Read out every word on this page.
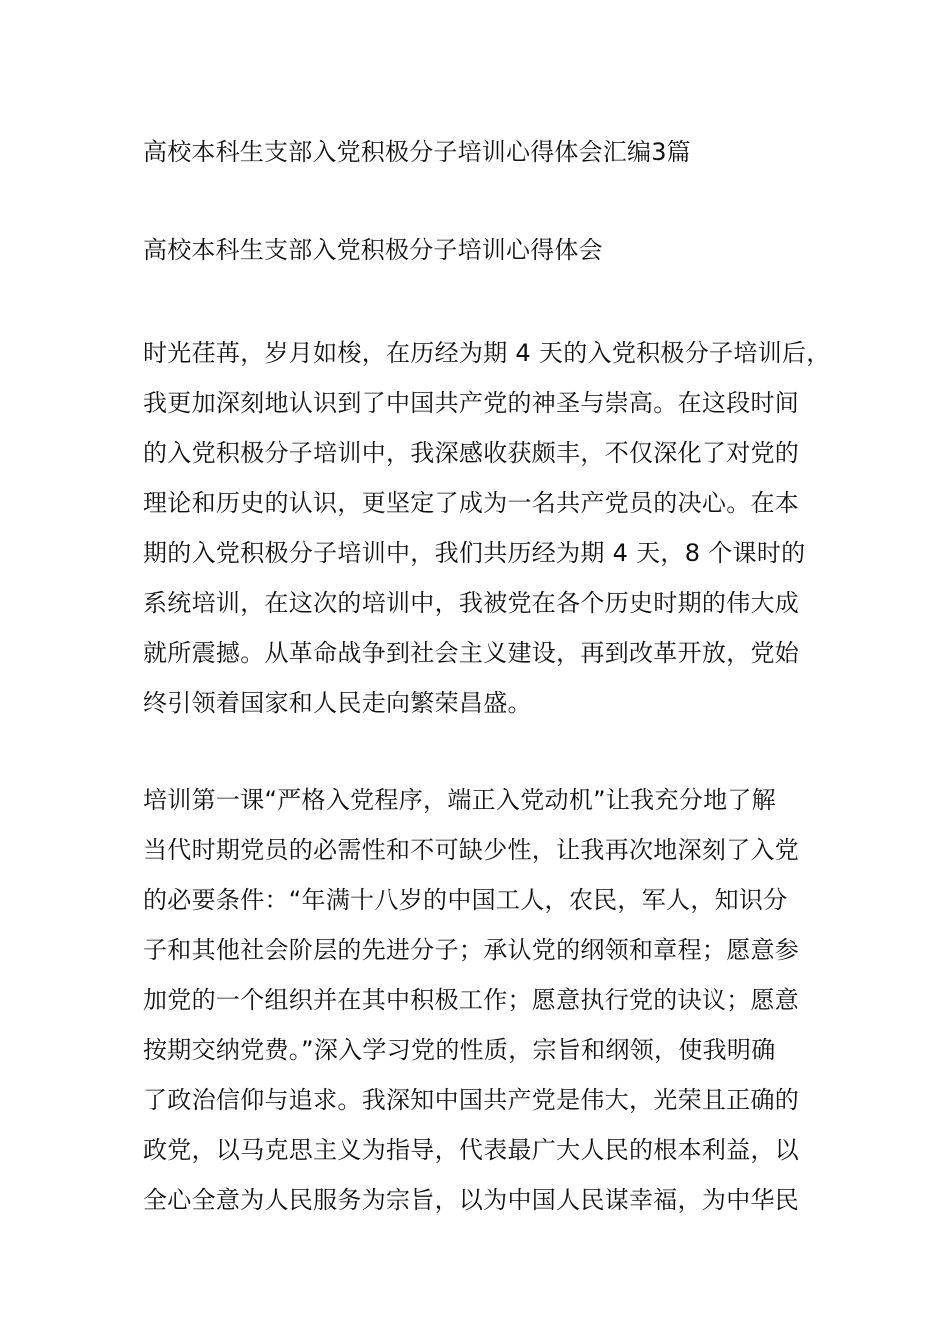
高校本科生支部入党积极分子培训心得体会汇编3篇
高校本科生支部入党积极分子培训心得体会
时光荏苒，岁月如梭，在历经为期 4 天的入党积极分子培训后，
我更加深刻地认识到了中国共产党的神圣与崇高。在这段时间
的入党积极分子培训中，我深感收获颇丰，不仅深化了对党的
理论和历史的认识，更坚定了成为一名共产党员的决心。在本
期的入党积极分子培训中，我们共历经为期 4 天，8 个课时的
系统培训，在这次的培训中，我被党在各个历史时期的伟大成
就所震撼。从革命战争到社会主义建设，再到改革开放，党始
终引领着国家和人民走向繁荣昌盛。
培训第一课“严格入党程序，端正入党动机”让我充分地了解
当代时期党员的必需性和不可缺少性，让我再次地深刻了入党
的必要条件：“年满十八岁的中国工人，农民，军人，知识分
子和其他社会阶层的先进分子；承认党的纲领和章程；愿意参
加党的一个组织并在其中积极工作；愿意执行党的诀议；愿意
按期交纳党费。”深入学习党的性质，宗旨和纲领，使我明确
了政治信仰与追求。我深知中国共产党是伟大，光荣且正确的
政党，以马克思主义为指导，代表最广大人民的根本利益，以
全心全意为人民服务为宗旨，以为中国人民谋幸福，为中华民
